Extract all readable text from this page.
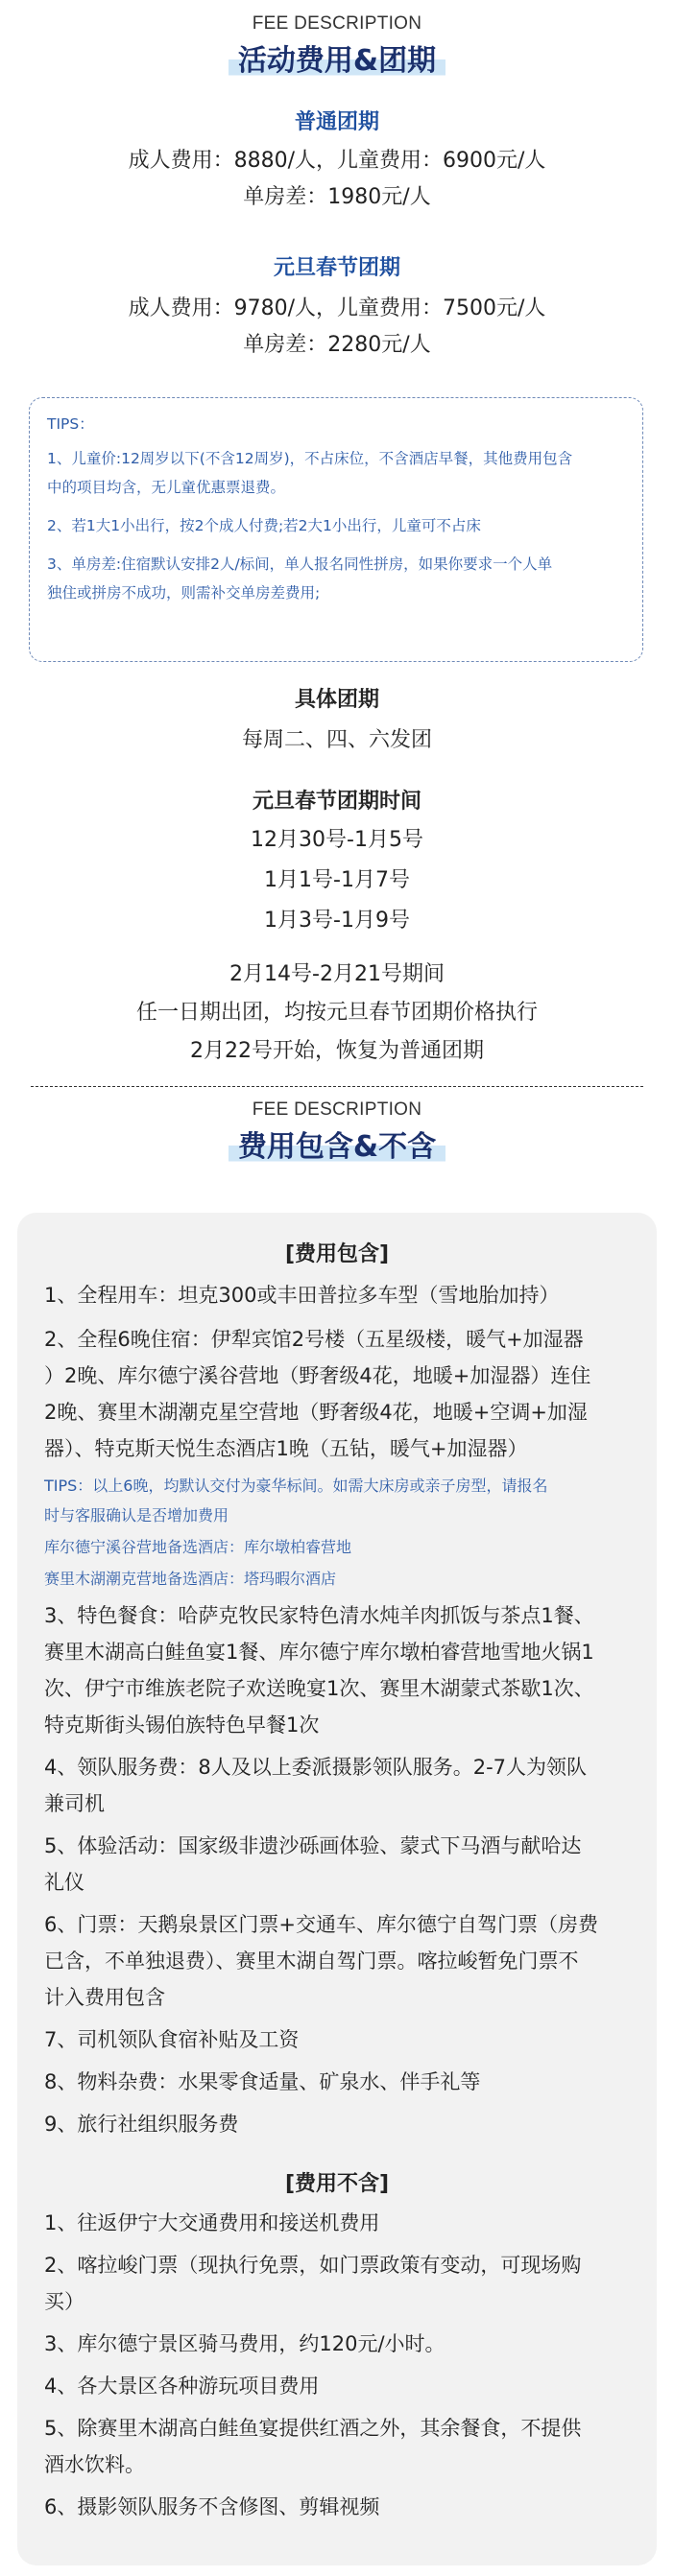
FEE DESCRIPTION
活动费用&团期
普通团期
成人费用：8880/人，儿童费用：6900元/人
单房差：1980元/人
元旦春节团期
成人费用：9780/人，儿童费用：7500元/人
单房差：2280元/人

TIPS：

1、儿童价:12周岁以下(不含12周岁)，不占床位，不含酒店早餐，其他费用包含

中的项目均含，无儿童优惠票退费。

2、若1大1小出行，按2个成人付费;若2大1小出行，儿童可不占床

3、单房差:住宿默认安排2人/标间，单人报名同性拼房，如果你要求一个人单

独住或拼房不成功，则需补交单房差费用;

具体团期
每周二、四、六发团
元旦春节团期时间
12月30号-1月5号
1月1号-1月7号
1月3号-1月9号
2月14号-2月21号期间
任一日期出团，均按元旦春节团期价格执行
2月22号开始，恢复为普通团期
FEE DESCRIPTION
费用包含&不含
[费用包含]

1、全程用车：坦克300或丰田普拉多车型（雪地胎加持）

2、全程6晚住宿：伊犁宾馆2号楼（五星级楼，暖气+加湿器

）2晚、库尔德宁溪谷营地（野奢级4花，地暖+加湿器）连住

2晚、赛里木湖潮克星空营地（野奢级4花，地暖+空调+加湿

器）、特克斯天悦生态酒店1晚（五钻，暖气+加湿器）

TIPS：以上6晚，均默认交付为豪华标间。如需大床房或亲子房型，请报名

时与客服确认是否增加费用

库尔德宁溪谷营地备选酒店：库尔墩柏睿营地

赛里木湖潮克营地备选酒店：塔玛暇尔酒店

3、特色餐食：哈萨克牧民家特色清水炖羊肉抓饭与茶点1餐、

赛里木湖高白鲑鱼宴1餐、库尔德宁库尔墩柏睿营地雪地火锅1

次、伊宁市维族老院子欢送晚宴1次、赛里木湖蒙式茶歇1次、

特克斯街头锡伯族特色早餐1次

4、领队服务费：8人及以上委派摄影领队服务。2-7人为领队

兼司机

5、体验活动：国家级非遗沙砾画体验、蒙式下马酒与献哈达

礼仪

6、门票：天鹅泉景区门票+交通车、库尔德宁自驾门票（房费

已含，不单独退费）、赛里木湖自驾门票。喀拉峻暂免门票不

计入费用包含

7、司机领队食宿补贴及工资

8、物料杂费：水果零食适量、矿泉水、伴手礼等

9、旅行社组织服务费

[费用不含]

1、往返伊宁大交通费用和接送机费用

2、喀拉峻门票（现执行免票，如门票政策有变动，可现场购

买）

3、库尔德宁景区骑马费用，约120元/小时。

4、各大景区各种游玩项目费用

5、除赛里木湖高白鲑鱼宴提供红酒之外，其余餐食，不提供

酒水饮料。

6、摄影领队服务不含修图、剪辑视频
